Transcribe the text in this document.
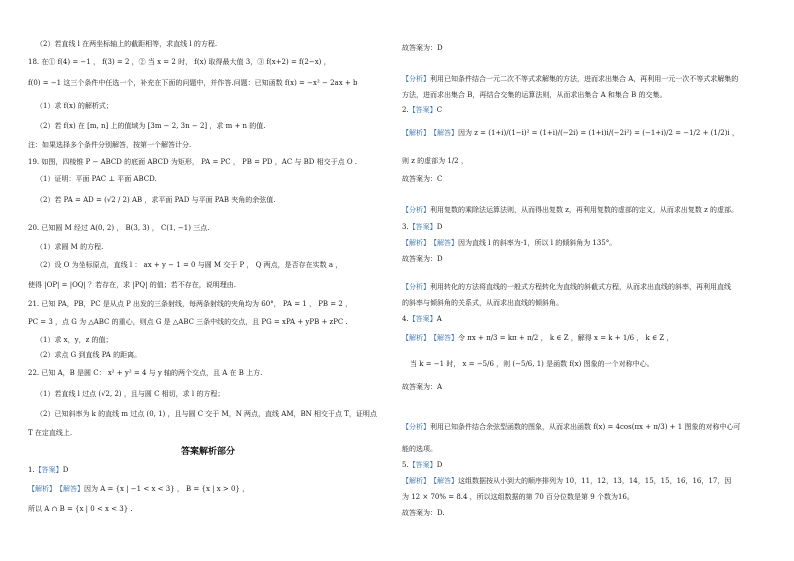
（2）若直线 l 在两坐标轴上的截距相等，求直线 l 的方程.
18. 在① f(4) = −1 ， f(3) = 2 ，② 当 x = 2 时， f(x) 取得最大值 3，③ f(x+2) = f(2−x) ，
f(0) = −1 这三个条件中任选一个，补充在下面的问题中，并作答.问题：已知函数 f(x) = −x² − 2ax + b
（1）求 f(x) 的解析式；
（2）若 f(x) 在 [m, n] 上的值域为 [3m − 2, 3n − 2] ，求 m + n 的值.
注：如果选择多个条件分别解答，按第一个解答计分.
19. 如图，四棱锥 P − ABCD 的底面 ABCD 为矩形， PA = PC ， PB = PD ，AC 与 BD 相交于点 O .
（1）证明：平面 PAC ⊥ 平面 ABCD.
（2）若 PA = AD = (√2 / 2) AB ，求平面 PAD 与平面 PAB 夹角的余弦值.
20. 已知圆 M 经过 A(0, 2) ， B(3, 3) ， C(1, −1) 三点.
（1）求圆 M 的方程.
（2）设 O 为坐标原点，直线 l ： ax + y − 1 = 0 与圆 M 交于 P ， Q 两点，是否存在实数 a ，
使得 |OP| = |OQ| ？若存在，求 |PQ| 的值；若不存在，说明理由.
21. 已知 PA，PB，PC 是从点 P 出发的三条射线，每两条射线的夹角均为 60°， PA = 1 ， PB = 2 ，
PC = 3 ，点 G 为 △ABC 的重心，则点 G 是 △ABC 三条中线的交点，且 PG = xPA + yPB + zPC .
（1）求 x，y，z 的值；
（2）求点 G 到直线 PA 的距离。
22. 已知 A，B 是圆 C： x² + y² = 4 与 y 轴的两个交点，且 A 在 B 上方.
（1）若直线 l 过点 (√2, 2) ，且与圆 C 相切，求 l 的方程；
（2）已知斜率为 k 的直线 m 过点 (0, 1) ，且与圆 C 交于 M，N 两点，直线 AM，BN 相交于点 T，证明点
T 在定直线上.
答案解析部分
1.【答案】D
【解析】【解答】因为 A = {x | −1 < x < 3} ， B = {x | x > 0} ，
所以 A ∩ B = {x | 0 < x < 3} .
故答案为：D
【分析】利用已知条件结合一元二次不等式求解集的方法，进而求出集合 A，再利用一元一次不等式求解集的
方法，进而求出集合 B，再结合交集的运算法则，从而求出集合 A 和集合 B 的交集。
2.【答案】C
【解析】【解答】因为 z = (1+i)/(1−i)² = (1+i)/(−2i) = (1+i)i/(−2i²) = (−1+i)/2 = −1/2 + (1/2)i ，
则 z 的虚部为 1/2 ，
故答案为：C
【分析】利用复数的乘除法运算法则，从而得出复数 z，再利用复数的虚部的定义，从而求出复数 z 的虚部。
3.【答案】D
【解析】【解答】因为直线 l 的斜率为-1，所以 l 的倾斜角为 135°。
故答案为：D
【分析】利用转化的方法将直线的一般式方程转化为直线的斜截式方程，从而求出直线的斜率，再利用直线
的斜率与倾斜角的关系式，从而求出直线的倾斜角。
4.【答案】A
【解析】【解答】令 πx + π/3 = kπ + π/2 ， k ∈ Z ，解得 x = k + 1/6 ， k ∈ Z ，
当 k = −1 时， x = −5/6 ，则 (−5/6, 1) 是函数 f(x) 图象的一个对称中心。
故答案为：A
【分析】利用已知条件结合余弦型函数的图象，从而求出函数 f(x) = 4cos(πx + π/3) + 1 图象的对称中心可
能的选项。
5.【答案】D
【解析】【解答】这组数据按从小到大的顺序排列为 10，11，12，13，14，15，15，16，16，17，因
为 12 × 70% = 8.4 ，所以这组数据的第 70 百分位数是第 9 个数为16。
故答案为：D.
